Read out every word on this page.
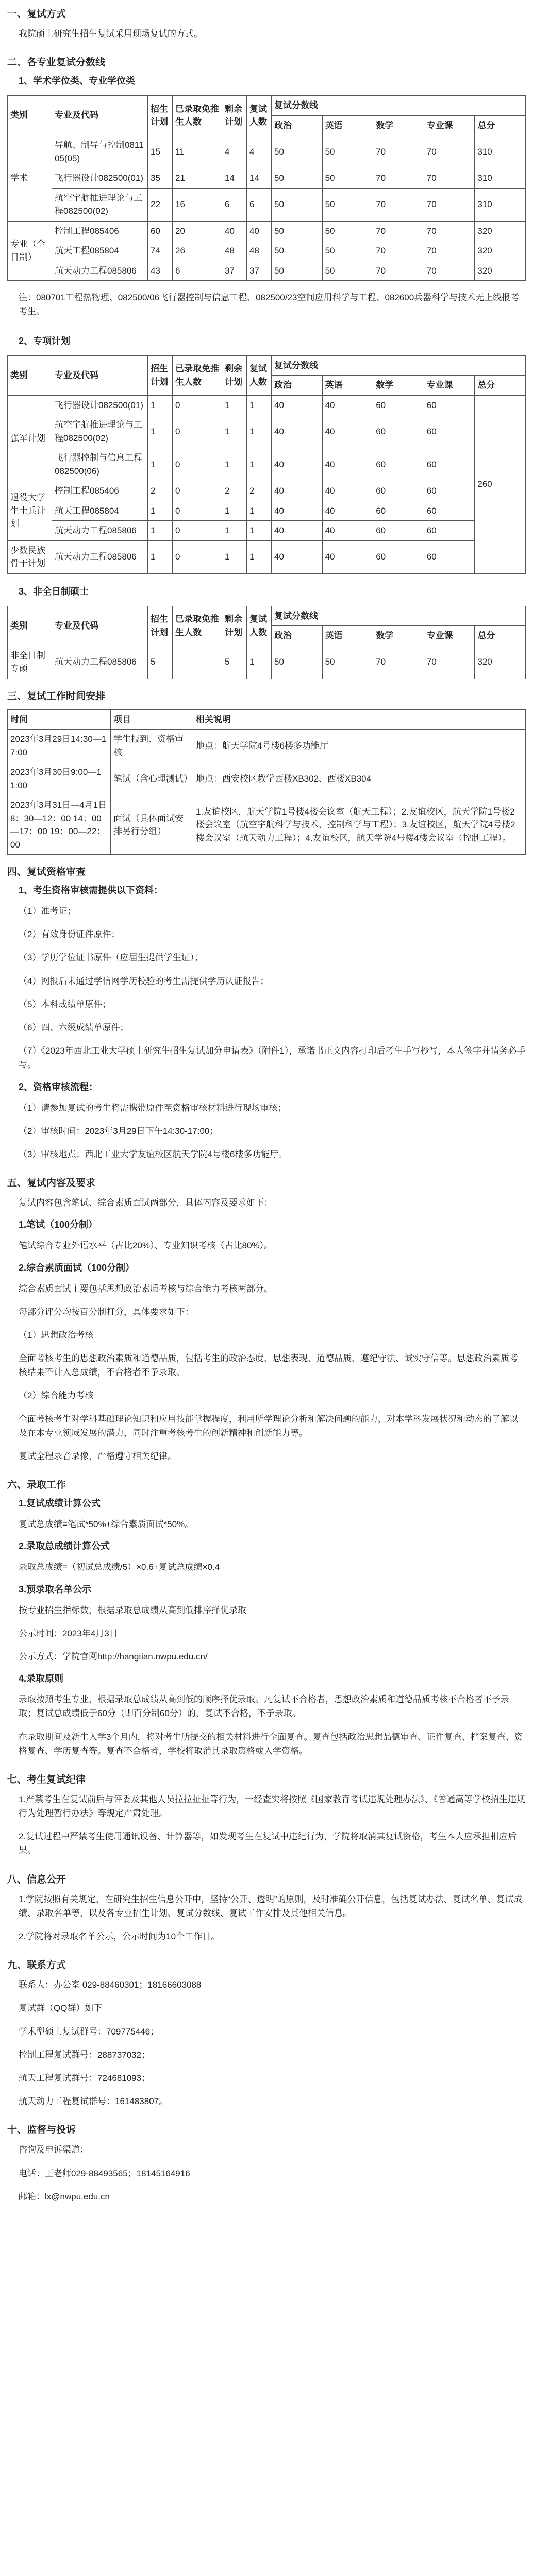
一、复试方式
我院硕士研究生招生复试采用现场复试的方式。
二、各专业复试分数线
1、学术学位类、专业学位类
类别	专业及代码	招生计划	已录取免推生人数	剩余计划	复试人数	复试分数线				
						政治	英语	数学	专业课	总分
学术	导航、制导与控制081105(05)	15	11	4	4	50	50	70	70	310
	飞行器设计082500(01)	35	21	14	14	50	50	70	70	310
	航空宇航推进理论与工程082500(02)	22	16	6	6	50	50	70	70	310
专业（全日制）	控制工程085406	60	20	40	40	50	50	70	70	320
	航天工程085804	74	26	48	48	50	50	70	70	320
	航天动力工程085806	43	6	37	37	50	50	70	70	320
注：080701工程热物理、082500/06飞行器控制与信息工程、082500/23空间应用科学与工程、082600兵器科学与技术无上线报考考生。
2、专项计划
类别	专业及代码	招生计划	已录取免推生人数	剩余计划	复试人数	复试分数线				
						政治	英语	数学	专业课	总分
强军计划	飞行器设计082500(01)	1	0	1	1	40	40	60	60	260
	航空宇航推进理论与工程082500(02)	1	0	1	1	40	40	60	60	
	飞行器控制与信息工程082500(06)	1	0	1	1	40	40	60	60	
退役大学生士兵计划	控制工程085406	2	0	2	2	40	40	60	60	
	航天工程085804	1	0	1	1	40	40	60	60	
	航天动力工程085806	1	0	1	1	40	40	60	60	
少数民族骨干计划	航天动力工程085806	1	0	1	1	40	40	60	60	
3、非全日制硕士
类别	专业及代码	招生计划	已录取免推生人数	剩余计划	复试人数	复试分数线				
						政治	英语	数学	专业课	总分
非全日制专硕	航天动力工程085806	5		5	1	50	50	70	70	320
三、复试工作时间安排
时间	项目	相关说明
2023年3月29日14:30—17:00	学生报到、资格审核	地点：航天学院4号楼6楼多功能厅
2023年3月30日9:00—11:00	笔试（含心理测试）	地点：西安校区教学西楼XB302、西楼XB304
2023年3月31日—4月1日8：30—12：00 14：00—17：00 19：00—22：00	面试（具体面试安排另行分组）	1.友谊校区，航天学院1号楼4楼会议室（航天工程）；2.友谊校区，航天学院1号楼2楼会议室（航空宇航科学与技术，控制科学与工程）；3.友谊校区，航天学院4号楼2楼会议室（航天动力工程）；4.友谊校区，航天学院4号楼4楼会议室（控制工程）。
四、复试资格审查
1、考生资格审核需提供以下资料：
（1）准考证；
（2）有效身份证件原件；
（3）学历学位证书原件（应届生提供学生证）；
（4）网报后未通过学信网学历校验的考生需提供学历认证报告；
（5）本科成绩单原件；
（6）四、六级成绩单原件；
（7）《2023年西北工业大学硕士研究生招生复试加分申请表》（附件1），承诺书正文内容打印后考生手写抄写，本人签字并请务必手写。
2、资格审核流程：
（1）请参加复试的考生将需携带原件至资格审核材料进行现场审核；
（2）审核时间：2023年3月29日下午14:30-17:00；
（3）审核地点：西北工业大学友谊校区航天学院4号楼6楼多功能厅。
五、复试内容及要求
复试内容包含笔试、综合素质面试两部分，具体内容及要求如下：
1.笔试（100分制）
笔试综合专业外语水平（占比20%）、专业知识考核（占比80%）。
2.综合素质面试（100分制）
综合素质面试主要包括思想政治素质考核与综合能力考核两部分。
每部分评分均按百分制打分，具体要求如下：
（1）思想政治考核
全面考核考生的思想政治素质和道德品质，包括考生的政治态度、思想表现、道德品质、遵纪守法、诚实守信等。思想政治素质考核结果不计入总成绩，不合格者不予录取。
（2）综合能力考核
全面考核考生对学科基础理论知识和应用技能掌握程度，利用所学理论分析和解决问题的能力，对本学科发展状况和动态的了解以及在本专业领域发展的潜力，同时注重考核考生的创新精神和创新能力等。
复试全程录音录像，严格遵守相关纪律。
六、录取工作
1.复试成绩计算公式
复试总成绩=笔试*50%+综合素质面试*50%。
2.录取总成绩计算公式
录取总成绩=（初试总成绩/5）×0.6+复试总成绩×0.4
3.预录取名单公示
按专业招生指标数，根据录取总成绩从高到低排序择优录取
公示时间：2023年4月3日
公示方式：学院官网http://hangtian.nwpu.edu.cn/
4.录取原则
录取按照考生专业，根据录取总成绩从高到低的顺序择优录取。凡复试不合格者，思想政治素质和道德品质考核不合格者不予录取；复试总成绩低于60分（即百分制60分）的，复试不合格，不予录取。
在录取期间及新生入学3个月内，将对考生所提交的相关材料进行全面复查。复查包括政治思想品德审查、证件复查、档案复查、资格复查、学历复查等。复查不合格者，学校将取消其录取资格或入学资格。
七、考生复试纪律
1.严禁考生在复试前后与评委及其他人员拉拉扯扯等行为，一经查实将按照《国家教育考试违规处理办法》、《普通高等学校招生违规行为处理暂行办法》等规定严肃处理。
2.复试过程中严禁考生使用通讯设备、计算器等，如发现考生在复试中违纪行为，学院将取消其复试资格，考生本人应承担相应后果。
八、信息公开
1.学院按照有关规定，在研究生招生信息公开中，坚持“公开、透明”的原则，及时准确公开信息，包括复试办法、复试名单、复试成绩、录取名单等，以及各专业招生计划、复试分数线、复试工作安排及其他相关信息。
2.学院将对录取名单公示，公示时间为10个工作日。
九、联系方式
联系人：办公室 029-88460301；18166603088
复试群（QQ群）如下
学术型硕士复试群号：709775446；
控制工程复试群号：288737032；
航天工程复试群号：724681093；
航天动力工程复试群号：161483807。
十、监督与投诉
咨询及申诉渠道：
电话：王老师029-88493565；18145164916
邮箱：lx@nwpu.edu.cn
